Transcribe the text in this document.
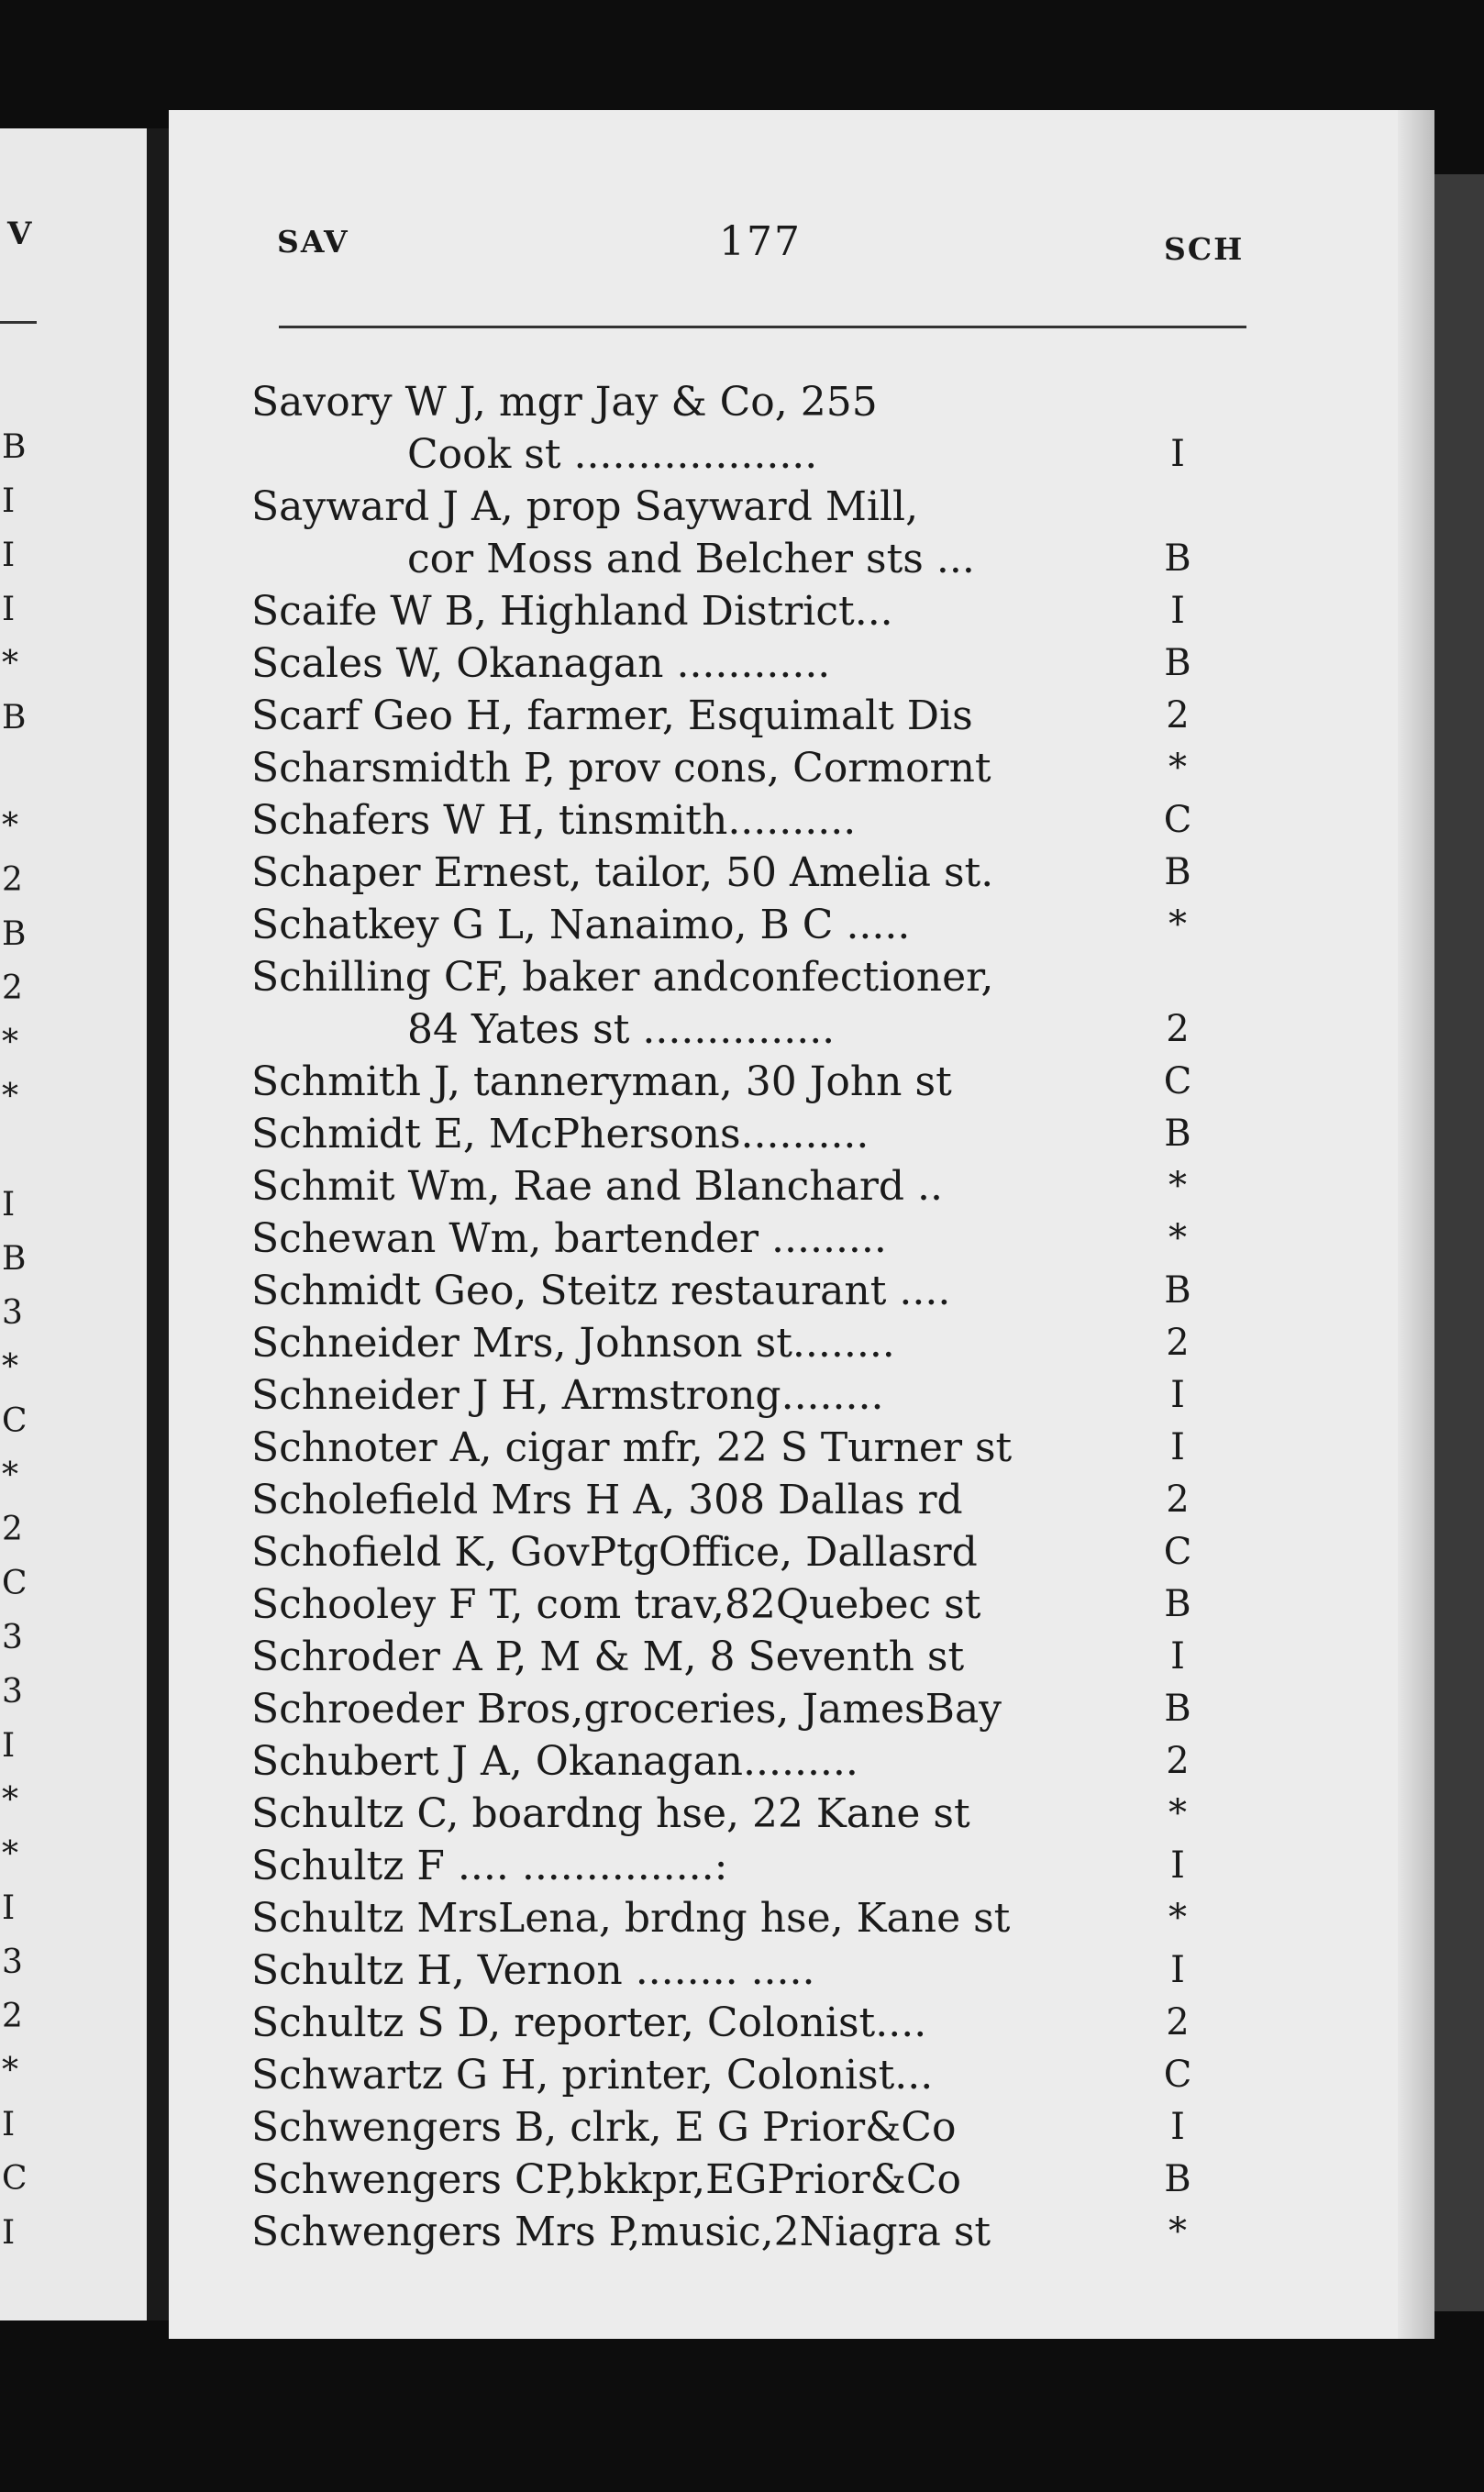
V
B
I
I
I
*
B
*
2
B
2
*
*
I
B
3
*
C
*
2
C
3
3
I
*
*
I
3
2
*
I
C
I
SAV	177	SCH
Savory W J, mgr Jay & Co, 255
Cook st ...................	I
Sayward J A, prop Sayward Mill,
cor Moss and Belcher sts ...	B
Scaife W B, Highland District...	I
Scales W, Okanagan ............	B
Scarf Geo H, farmer, Esquimalt Dis	2
Scharsmidth P, prov cons, Cormornt	*
Schafers W H, tinsmith..........	C
Schaper Ernest, tailor, 50 Amelia st.	B
Schatkey G L, Nanaimo, B C .....	*
Schilling CF, baker andconfectioner,
84 Yates st ...............	2
Schmith J, tanneryman, 30 John st	C
Schmidt E, McPhersons..........	B
Schmit Wm, Rae and Blanchard ..	*
Schewan Wm, bartender .........	*
Schmidt Geo, Steitz restaurant ....	B
Schneider Mrs, Johnson st........	2
Schneider J H, Armstrong........	I
Schnoter A, cigar mfr, 22 S Turner st	I
Scholefield Mrs H A, 308 Dallas rd	2
Schofield K, GovPtgOffice, Dallasrd	C
Schooley F T, com trav,82Quebec st	B
Schroder A P, M & M, 8 Seventh st	I
Schroeder Bros,groceries, JamesBay	B
Schubert J A, Okanagan.........	2
Schultz C, boardng hse, 22 Kane st	*
Schultz F .... ...............:	I
Schultz MrsLena, brdng hse, Kane st	*
Schultz H, Vernon ........ .....	I
Schultz S D, reporter, Colonist....	2
Schwartz G H, printer, Colonist...	C
Schwengers B, clrk, E G Prior&Co	I
Schwengers CP,bkkpr,EGPrior&Co	B
Schwengers Mrs P,music,2Niagra st	*
